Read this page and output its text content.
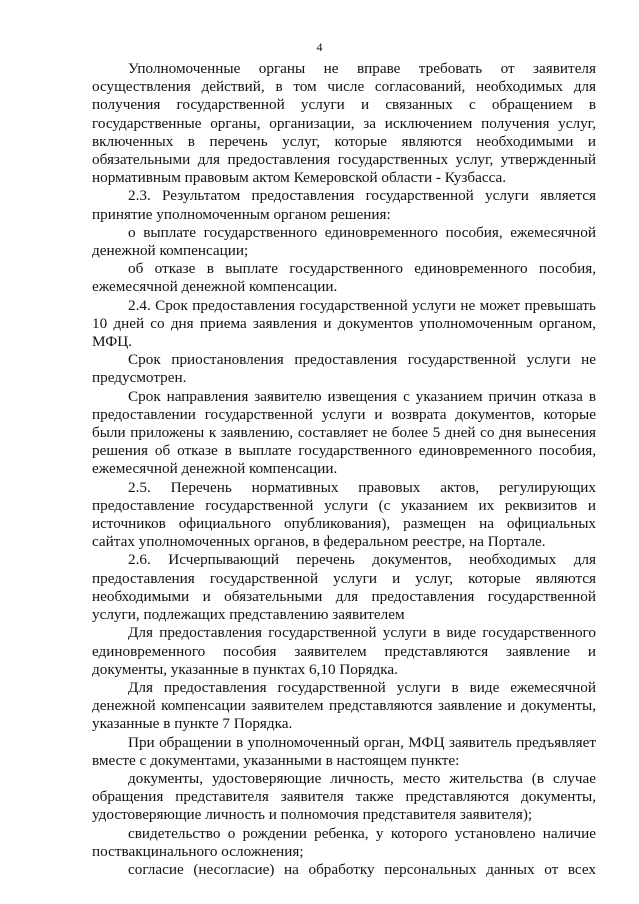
4

Уполномоченные органы не вправе требовать от заявителя осуществления действий, в том числе согласований, необходимых для получения государственной услуги и связанных с обращением в государственные органы, организации, за исключением получения услуг, включенных в перечень услуг, которые являются необходимыми и обязательными для предоставления государственных услуг, утвержденный нормативным правовым актом Кемеровской области - Кузбасса.

2.3. Результатом предоставления государственной услуги является принятие уполномоченным органом решения:

о выплате государственного единовременного пособия, ежемесячной денежной компенсации;

об отказе в выплате государственного единовременного пособия, ежемесячной денежной компенсации.

2.4. Срок предоставления государственной услуги не может превышать 10 дней со дня приема заявления и документов уполномоченным органом, МФЦ.

Срок приостановления предоставления государственной услуги не предусмотрен.

Срок направления заявителю извещения с указанием причин отказа в предоставлении государственной услуги и возврата документов, которые были приложены к заявлению, составляет не более 5 дней со дня вынесения решения об отказе в выплате государственного единовременного пособия, ежемесячной денежной компенсации.

2.5. Перечень нормативных правовых актов, регулирующих предоставление государственной услуги (с указанием их реквизитов и источников официального опубликования), размещен на официальных сайтах уполномоченных органов, в федеральном реестре, на Портале.

2.6. Исчерпывающий перечень документов, необходимых для предоставления государственной услуги и услуг, которые являются необходимыми и обязательными для предоставления государственной услуги, подлежащих представлению заявителем

Для предоставления государственной услуги в виде государственного единовременного пособия заявителем представляются заявление и документы, указанные в пунктах 6,10 Порядка.

Для предоставления государственной услуги в виде ежемесячной денежной компенсации заявителем представляются заявление и документы, указанные в пункте 7 Порядка.

При обращении в уполномоченный орган, МФЦ заявитель предъявляет вместе с документами, указанными в настоящем пункте:

документы, удостоверяющие личность, место жительства (в случае обращения представителя заявителя также представляются документы, удостоверяющие личность и полномочия представителя заявителя);

свидетельство о рождении ребенка, у которого установлено наличие поствакцинального осложнения;

согласие (несогласие) на обработку персональных данных от всех
